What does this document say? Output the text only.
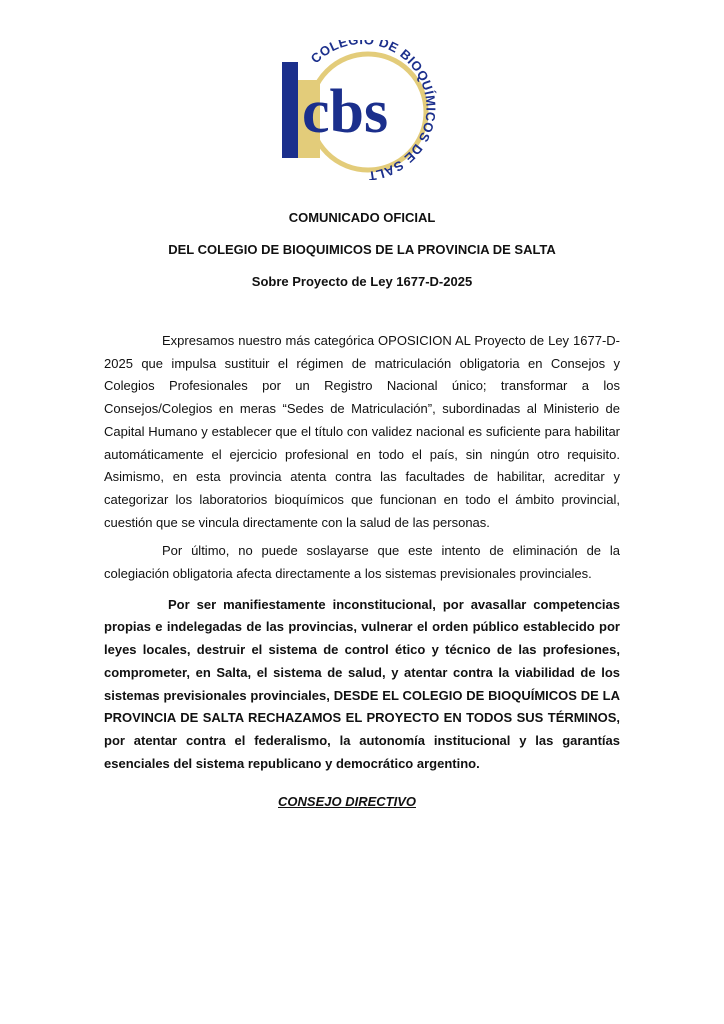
COLEG DE BIOQUÍMICOS DE SALT
cbs

COMUNICADO OFICIAL

DEL COLEGIO DE BIOQUIMICOS DE LA PROVINCIA DE SALTA

Sobre Proyecto de Ley 1677-D-2025

Expresamos nuestro más categórica OPOSICION AL Proyecto de Ley 1677-D-2025 que impulsa sustituir el régimen de matriculación obligatoria en Consejos y Colegios Profesionales por un Registro Nacional único; transformar a los Consejos/Colegios en meras “Sedes de Matriculación”, subordinadas al Ministerio de Capital Humano y establecer que el título con validez nacional es suficiente para habilitar automáticamente el ejercicio profesional en todo el país, sin ningún otro requisito. Asimismo, en esta provincia atenta contra las facultades de habilitar, acreditar y categorizar los laboratorios bioquímicos que funcionan en todo el ámbito provincial, cuestión que se vincula directamente con la salud de las personas.

Por último, no puede soslayarse que este intento de eliminación de la colegiación obligatoria afecta directamente a los sistemas previsionales provinciales.

Por ser manifiestamente inconstitucional, por avasallar competencias propias e indelegadas de las provincias, vulnerar el orden público establecido por leyes locales, destruir el sistema de control ético y técnico de las profesiones, comprometer, en Salta, el sistema de salud, y atentar contra la viabilidad de los sistemas previsionales provinciales, DESDE EL COLEGIO DE BIOQUÍMICOS DE LA PROVINCIA DE SALTA RECHAZAMOS EL PROYECTO EN TODOS SUS TÉRMINOS, por atentar contra el federalismo, la autonomía institucional y las garantías esenciales del sistema republicano y democrático argentino.

CONSEJO DIRECTIVO
